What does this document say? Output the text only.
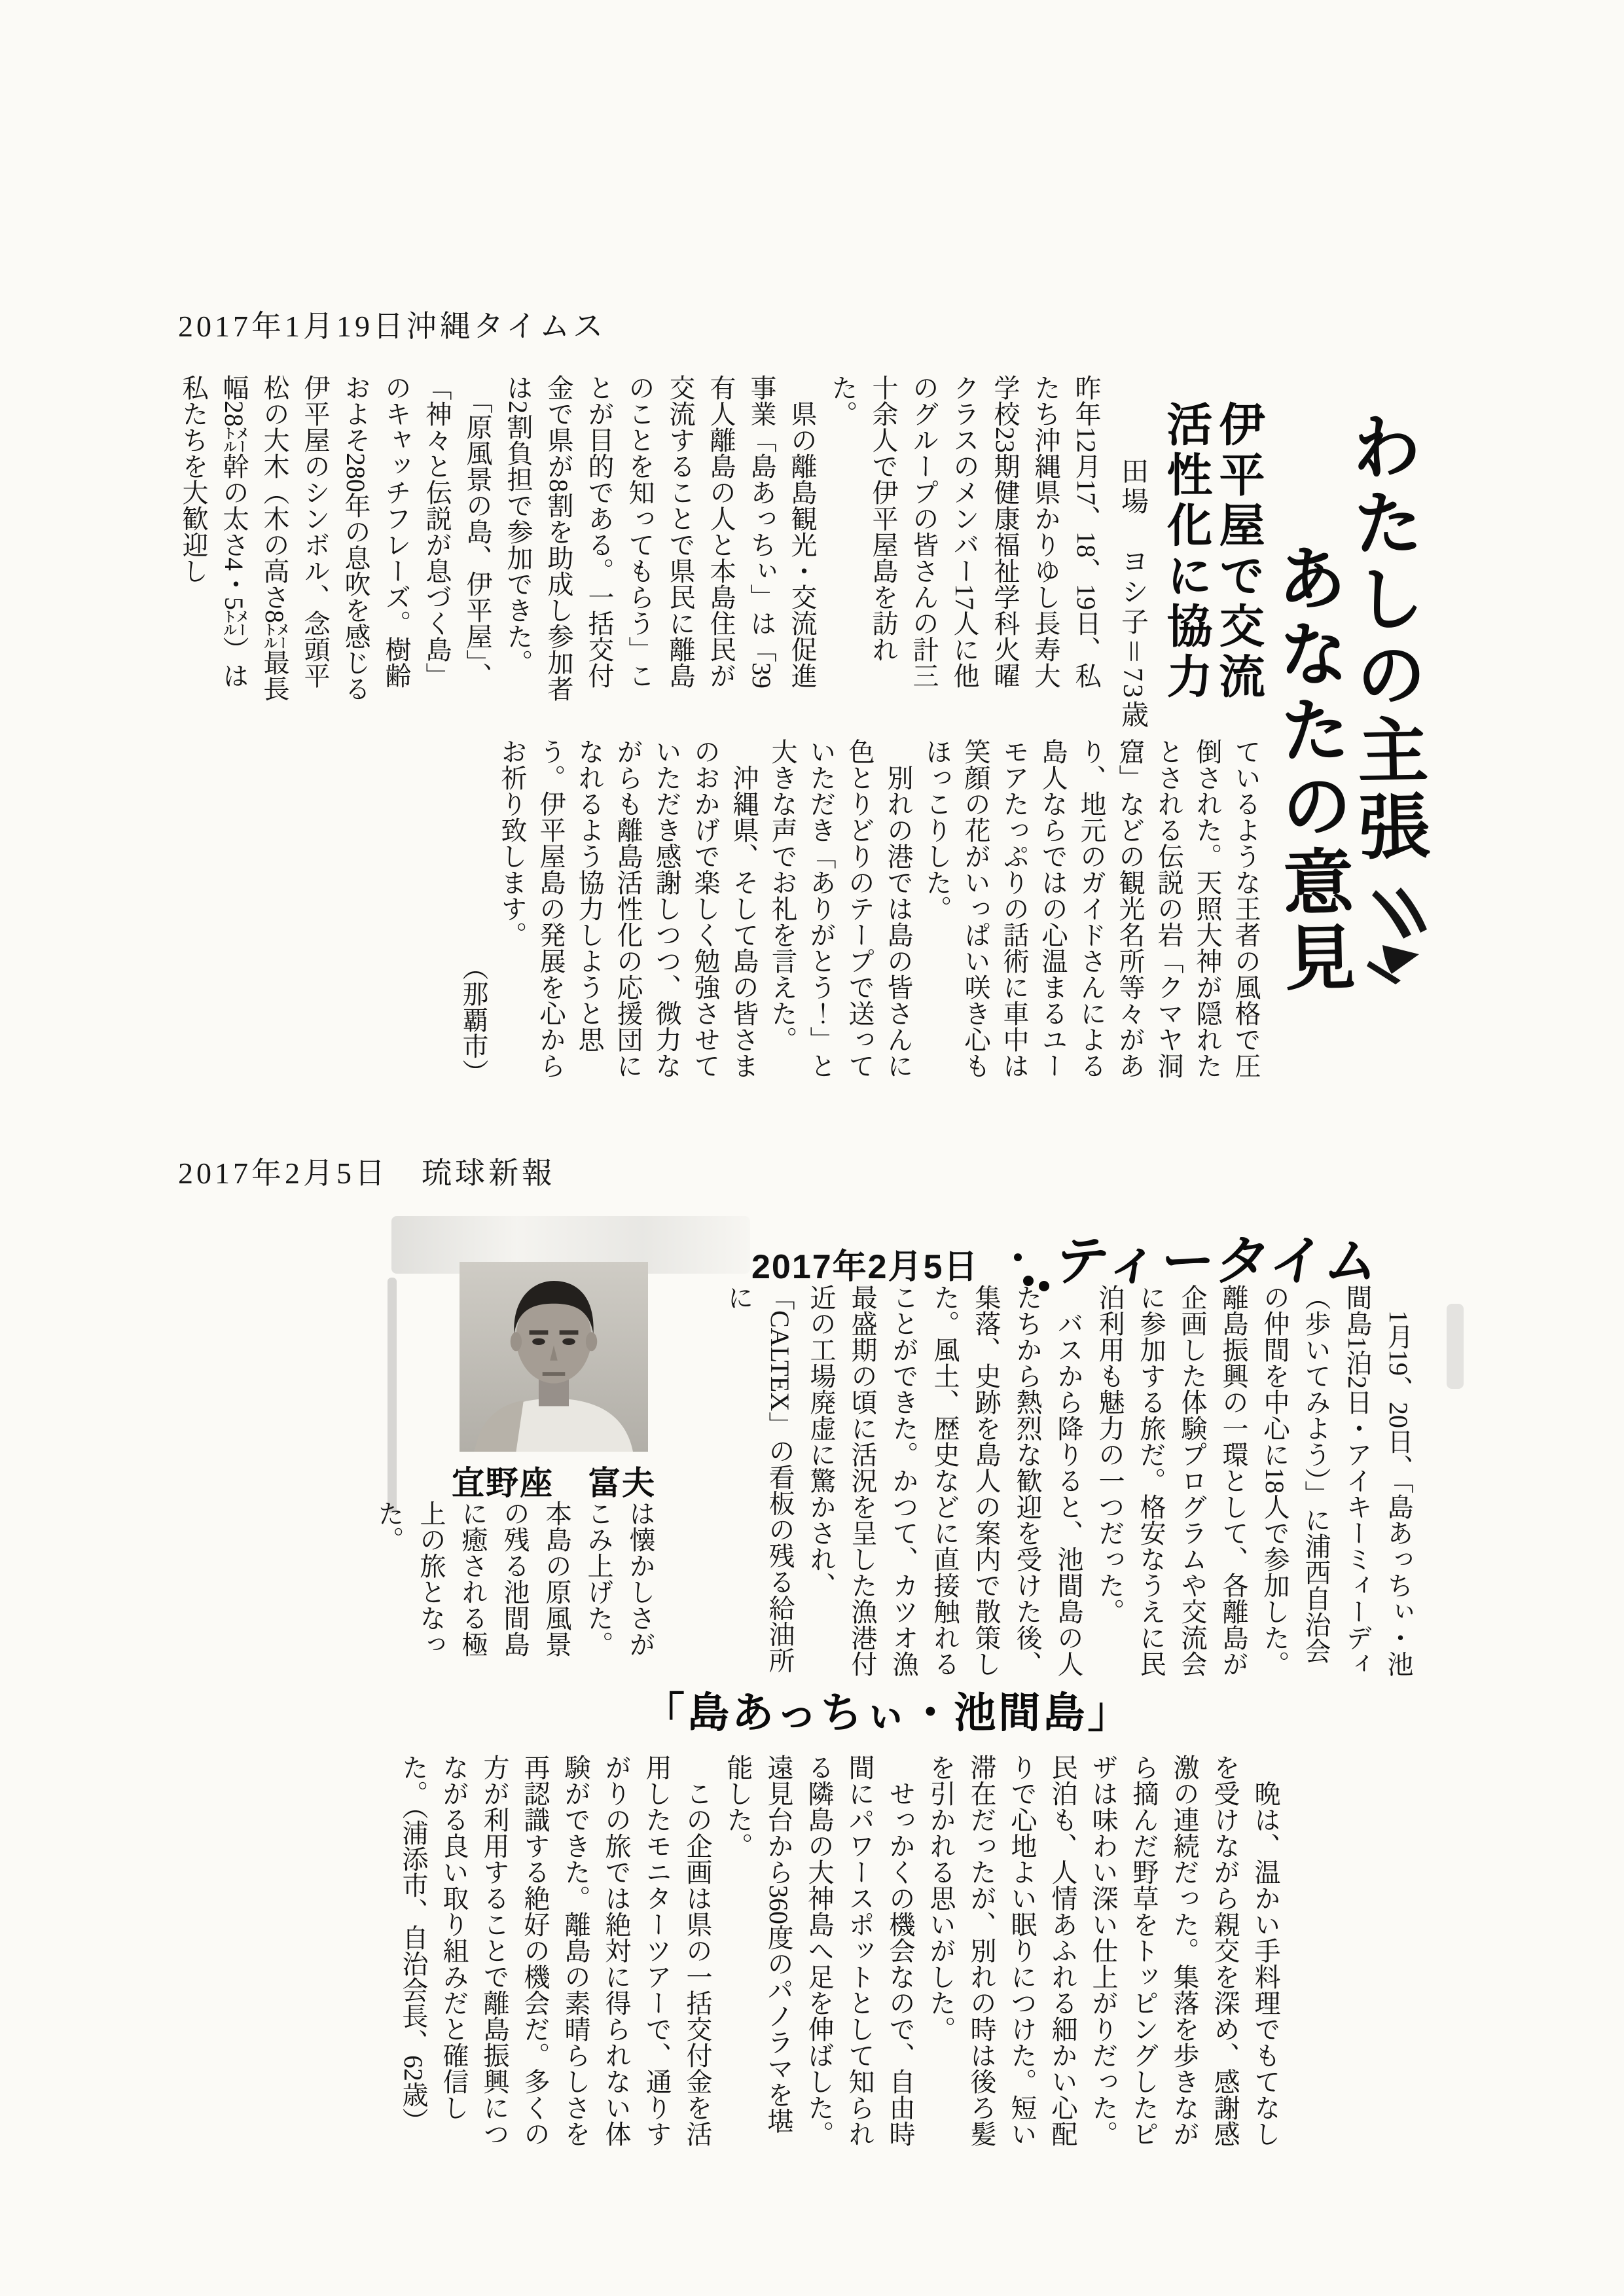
2017年1月19日沖縄タイムス
わたしの主張
あなたの意見
伊平屋で交流
活性化に協力
田場　ヨシ子＝73歳

昨年12月17、18、19日、私たち沖縄県かりゆし長寿大学校23期健康福祉学科火曜クラスのメンバー17人に他のグループの皆さんの計三十余人で伊平屋島を訪れた。

　県の離島観光・交流促進事業「島あっちぃ」は「39有人離島の人と本島住民が交流することで県民に離島のことを知ってもらう」ことが目的である。一括交付金で県が8割を助成し参加者は2割負担で参加できた。

　「原風景の島、伊平屋」、「神々と伝説が息づく島」のキャッチフレーズ。樹齢およそ280年の息吹を感じる伊平屋のシンボル、念頭平松の大木（木の高さ8㍍最長幅28㍍幹の太さ4・5㍍）は私たちを大歓迎し

ているような王者の風格で圧倒された。天照大神が隠れたとされる伝説の岩「クマヤ洞窟」などの観光名所等々があり、地元のガイドさんによる島人ならではの心温まるユーモアたっぷりの話術に車中は笑顔の花がいっぱい咲き心もほっこりした。

　別れの港では島の皆さんに色とりどりのテープで送っていただき「ありがとう！」と大きな声でお礼を言えた。

　沖縄県、そして島の皆さまのおかげで楽しく勉強させていただき感謝しつつ、微力ながらも離島活性化の応援団になれるよう協力しようと思う。伊平屋島の発展を心からお祈り致します。

（那覇市）

2017年2月5日　琉球新報
2017年2月5日 ティータイム
宜野座　富夫	　1月19、20日、「島あっちぃ・池間島1泊2日・アイキーミィーディ（歩いてみよう）」に浦西自治会の仲間を中心に18人で参加した。離島振興の一環として、各離島が企画した体験プログラムや交流会に参加する旅だ。格安なうえに民泊利用も魅力の一つだった。

　バスから降りると、池間島の人たちから熱烈な歓迎を受けた後、集落、史跡を島人の案内で散策した。風土、歴史などに直接触れることができた。かつて、カツオ漁最盛期の頃に活況を呈した漁港付近の工場廃虚に驚かされ、「CALTEX」の看板の残る給油所に

は懐かしさがこみ上げた。本島の原風景の残る池間島に癒される極上の旅となった。

「島あっちぃ・池間島」

　晩は、温かい手料理でもてなしを受けながら親交を深め、感謝感激の連続だった。集落を歩きながら摘んだ野草をトッピングしたピザは味わい深い仕上がりだった。民泊も、人情あふれる細かい心配りで心地よい眠りにつけた。短い滞在だったが、別れの時は後ろ髪を引かれる思いがした。

　せっかくの機会なので、自由時間にパワースポットとして知られる隣島の大神島へ足を伸ばした。遠見台から360度のパノラマを堪能した。

　この企画は県の一括交付金を活用したモニターツアーで、通りすがりの旅では絶対に得られない体験ができた。離島の素晴らしさを再認識する絶好の機会だ。多くの方が利用することで離島振興につながる良い取り組みだと確信した。（浦添市、自治会長、62歳）
